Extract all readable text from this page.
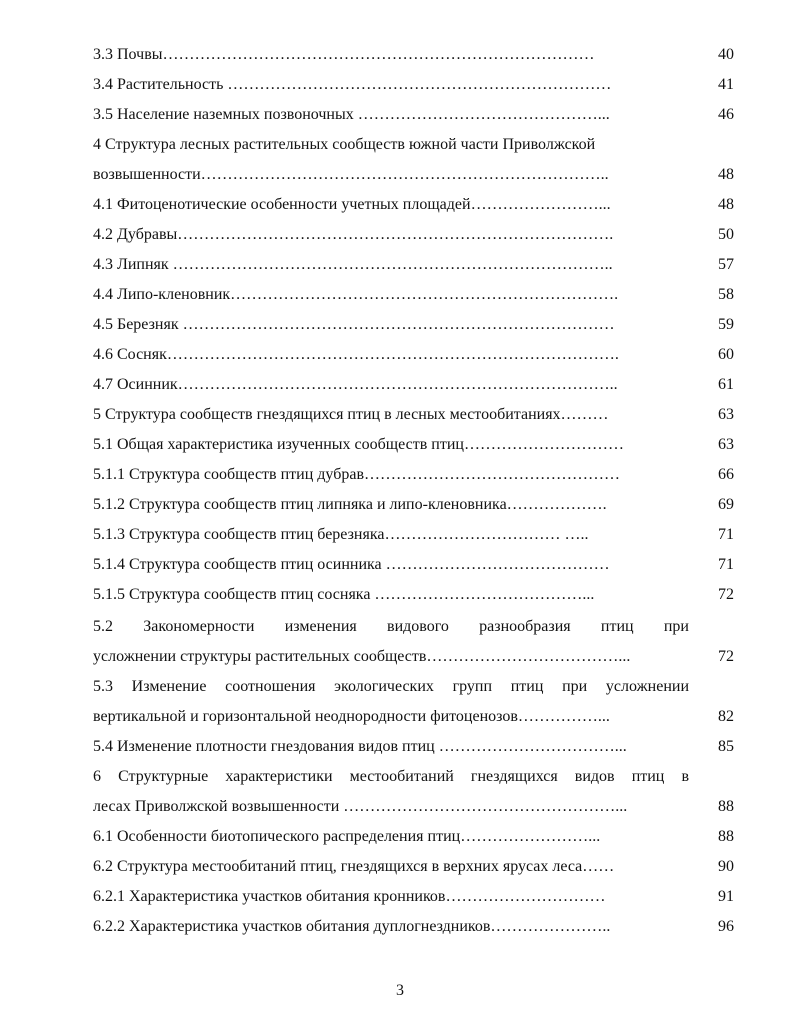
3.3 Почвы………………………………………………………………………	40
3.4 Растительность ………………………………………………………………	41
3.5 Население наземных позвоночных ………………………………………...	46
4 Структура лесных растительных сообществ южной части Приволжской
возвышенности…………………………………………………………………..	48
4.1 Фитоценотические особенности учетных площадей……………………...	48
4.2 Дубравы……………………………………………………………………….	50
4.3 Липняк ………………………………………………………………………..	57
4.4 Липо-кленовник……………………………………………………………….	58
4.5 Березняк ………………………………………………………………………	59
4.6 Сосняк………………………………………………………………………….	60
4.7 Осинник………………………………………………………………………..	61
5 Структура сообществ гнездящихся птиц в лесных местообитаниях………	63
5.1 Общая характеристика изученных сообществ птиц…………………………	63
5.1.1 Структура сообществ птиц дубрав…………………………………………	66
5.1.2 Структура сообществ птиц липняка и липо-кленовника……………….	69
5.1.3 Структура сообществ птиц березняка…………………………… …..	71
5.1.4 Структура сообществ птиц осинника ……………………………………	71
5.1.5 Структура сообществ птиц сосняка …………………………………...	72
5.2 Закономерности изменения видового разнообразия птиц при
усложнении структуры растительных сообществ………………………………...	72
5.3 Изменение соотношения экологических групп птиц при усложнении
вертикальной и горизонтальной неоднородности фитоценозов……………...	82
5.4 Изменение плотности гнездования видов птиц ……………………………...	85
6 Структурные характеристики местообитаний гнездящихся видов птиц в
лесах Приволжской возвышенности ……………………………………………...	88
6.1 Особенности биотопического распределения птиц……………………...	88
6.2 Структура местообитаний птиц, гнездящихся в верхних ярусах леса……	90
6.2.1 Характеристика участков обитания кронников…………………………	91
6.2.2 Характеристика участков обитания дуплогнездников…………………..	96
3
